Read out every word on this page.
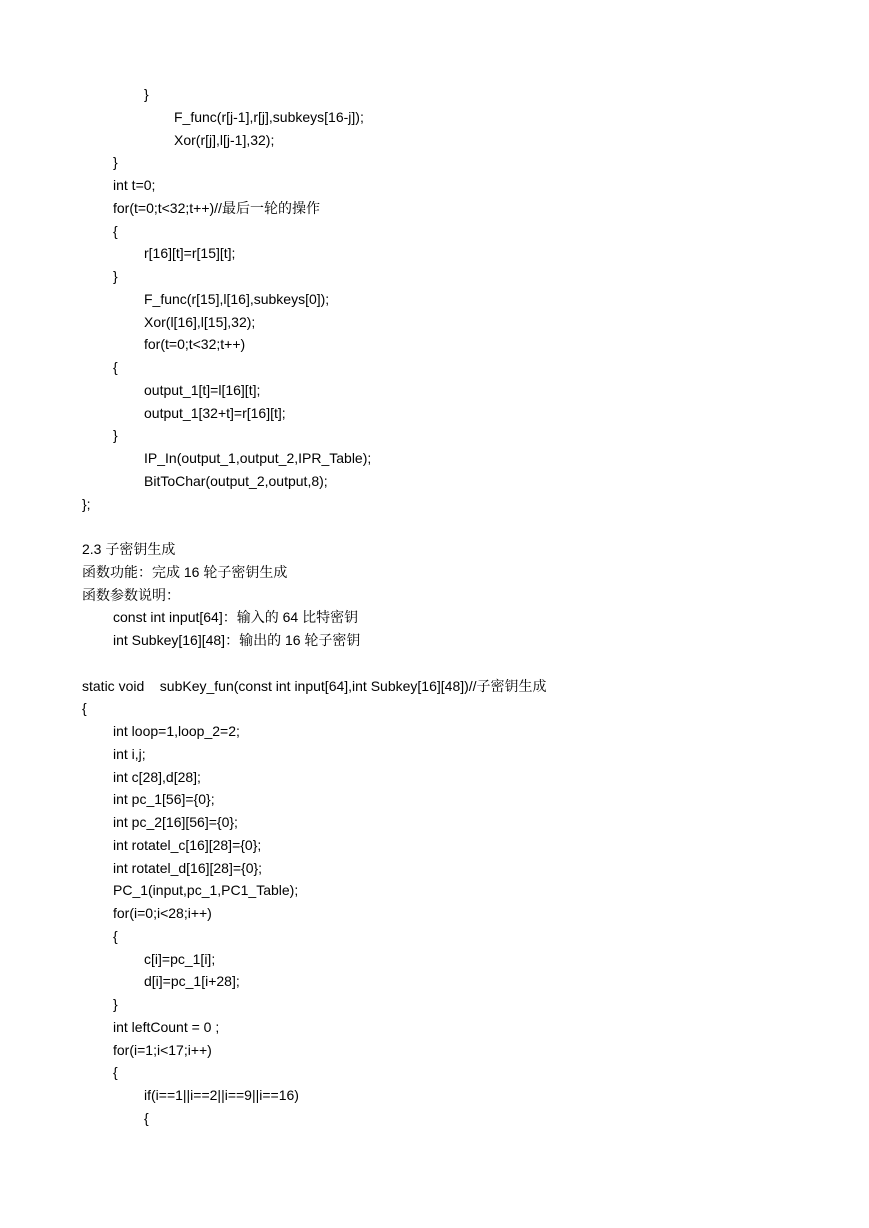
}
F_func(r[j-1],r[j],subkeys[16-j]);
Xor(r[j],l[j-1],32);
}
int t=0;
for(t=0;t<32;t++)//最后一轮的操作
{
r[16][t]=r[15][t];
}
F_func(r[15],l[16],subkeys[0]);
Xor(l[16],l[15],32);
for(t=0;t<32;t++)
{
output_1[t]=l[16][t];
output_1[32+t]=r[16][t];
}
IP_In(output_1,output_2,IPR_Table);
BitToChar(output_2,output,8);
};
2.3 子密钥生成
函数功能：完成 16 轮子密钥生成
函数参数说明：
const int input[64]：输入的 64 比特密钥
int Subkey[16][48]：输出的 16 轮子密钥
static void    subKey_fun(const int input[64],int Subkey[16][48])//子密钥生成
{
int loop=1,loop_2=2;
int i,j;
int c[28],d[28];
int pc_1[56]={0};
int pc_2[16][56]={0};
int rotatel_c[16][28]={0};
int rotatel_d[16][28]={0};
PC_1(input,pc_1,PC1_Table);
for(i=0;i<28;i++)
{
c[i]=pc_1[i];
d[i]=pc_1[i+28];
}
int leftCount = 0 ;
for(i=1;i<17;i++)
{
if(i==1||i==2||i==9||i==16)
{
